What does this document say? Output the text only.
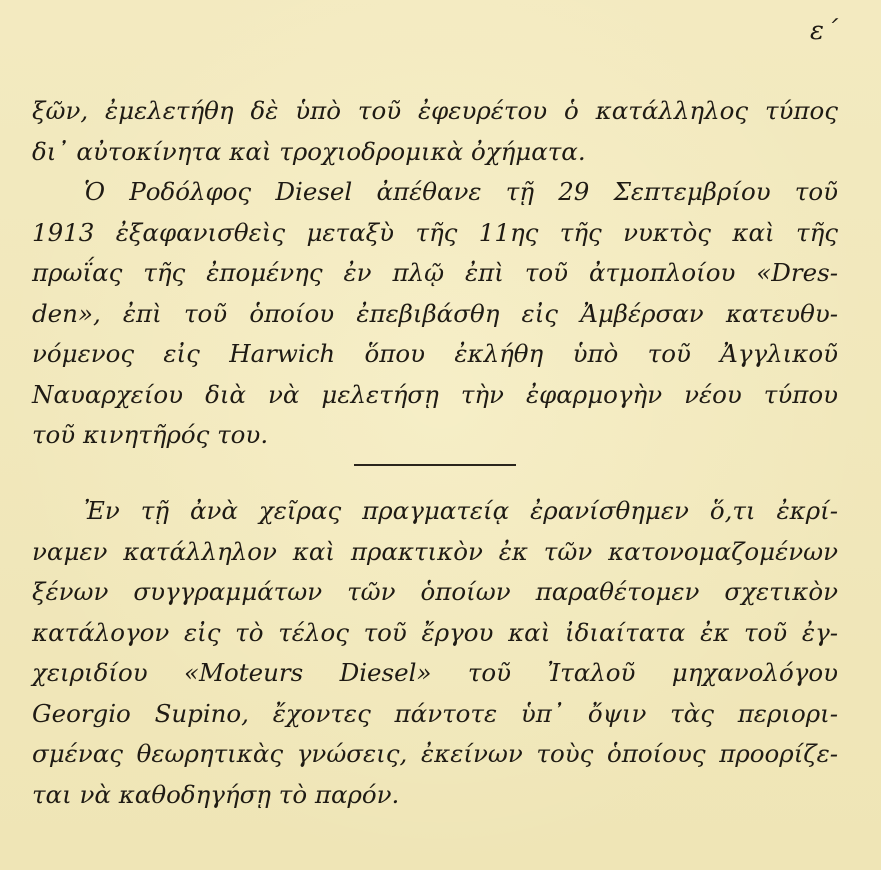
ε΄
ξῶν, ἐμελετήθη δὲ ὑπὸ τοῦ ἐφευρέτου ὁ κατάλληλος τύπος
δι᾿ αὐτοκίνητα καὶ τροχιοδρομικὰ ὀχήματα.
Ὁ Ροδόλφος Diesel ἀπέθανε τῇ 29 Σεπτεμβρίου τοῦ
1913 ἐξαφανισθεὶς μεταξὺ τῆς 11ης τῆς νυκτὸς καὶ τῆς
πρωΐας τῆς ἐπομένης ἐν πλῷ ἐπὶ τοῦ ἀτμοπλοίου «Dres-
den», ἐπὶ τοῦ ὁποίου ἐπεβιβάσθη εἰς Ἀμβέρσαν κατευθυ-
νόμενος εἰς Harwich ὅπου ἐκλήθη ὑπὸ τοῦ Ἀγγλικοῦ
Ναυαρχείου διὰ νὰ μελετήσῃ τὴν ἐφαρμογὴν νέου τύπου
τοῦ κινητῆρός του.
Ἐν τῇ ἀνὰ χεῖρας πραγματείᾳ ἐρανίσθημεν ὅ,τι ἐκρί-
ναμεν κατάλληλον καὶ πρακτικὸν ἐκ τῶν κατονομαζομένων
ξένων συγγραμμάτων τῶν ὁποίων παραθέτομεν σχετικὸν
κατάλογον εἰς τὸ τέλος τοῦ ἔργου καὶ ἰδιαίτατα ἐκ τοῦ ἐγ-
χειριδίου «Moteurs Diesel» τοῦ Ἰταλοῦ μηχανολόγου
Georgio Supino, ἔχοντες πάντοτε ὑπ᾿ ὄψιν τὰς περιορι-
σμένας θεωρητικὰς γνώσεις, ἐκείνων τοὺς ὁποίους προορίζε-
ται νὰ καθοδηγήσῃ τὸ παρόν.
